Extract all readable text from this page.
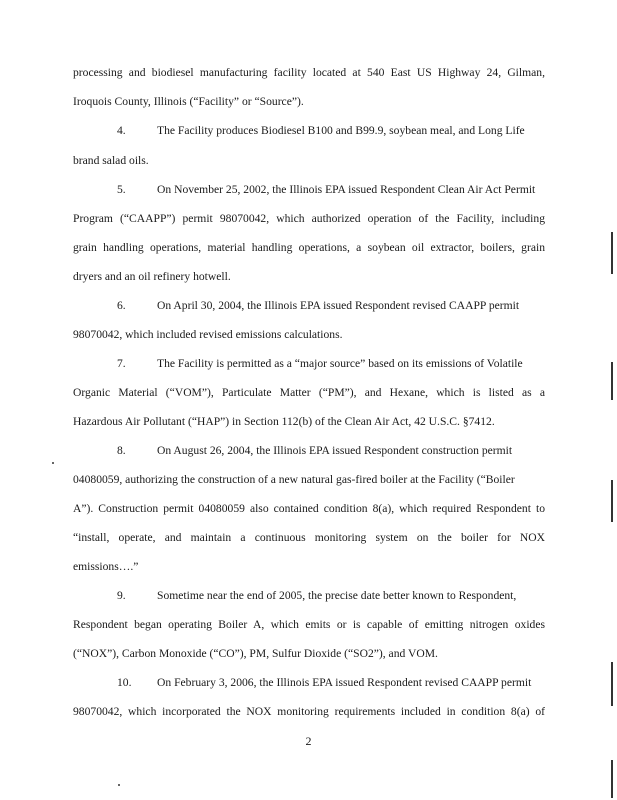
processing and biodiesel manufacturing facility located at 540 East US Highway 24, Gilman,
Iroquois County, Illinois (“Facility” or “Source”).
4.	The Facility produces Biodiesel B100 and B99.9, soybean meal, and Long Life
brand salad oils.
5.	On November 25, 2002, the Illinois EPA issued Respondent Clean Air Act Permit
Program (“CAAPP”) permit 98070042, which authorized operation of the Facility, including
grain handling operations, material handling operations, a soybean oil extractor, boilers, grain
dryers and an oil refinery hotwell.
6.	On April 30, 2004, the Illinois EPA issued Respondent revised CAAPP permit
98070042, which included revised emissions calculations.
7.	The Facility is permitted as a “major source” based on its emissions of Volatile
Organic Material (“VOM”), Particulate Matter (“PM”), and Hexane, which is listed as a
Hazardous Air Pollutant (“HAP”) in Section 112(b) of the Clean Air Act, 42 U.S.C. §7412.
8.	On August 26, 2004, the Illinois EPA issued Respondent construction permit
04080059, authorizing the construction of a new natural gas-fired boiler at the Facility (“Boiler
A”). Construction permit 04080059 also contained condition 8(a), which required Respondent to
“install, operate, and maintain a continuous monitoring system on the boiler for NOX
emissions….”
9.	Sometime near the end of 2005, the precise date better known to Respondent,
Respondent began operating Boiler A, which emits or is capable of emitting nitrogen oxides
(“NOX”), Carbon Monoxide (“CO”), PM, Sulfur Dioxide (“SO2”), and VOM.
10. On February 3, 2006, the Illinois EPA issued Respondent revised CAAPP permit
98070042, which incorporated the NOX monitoring requirements included in condition 8(a) of
2
